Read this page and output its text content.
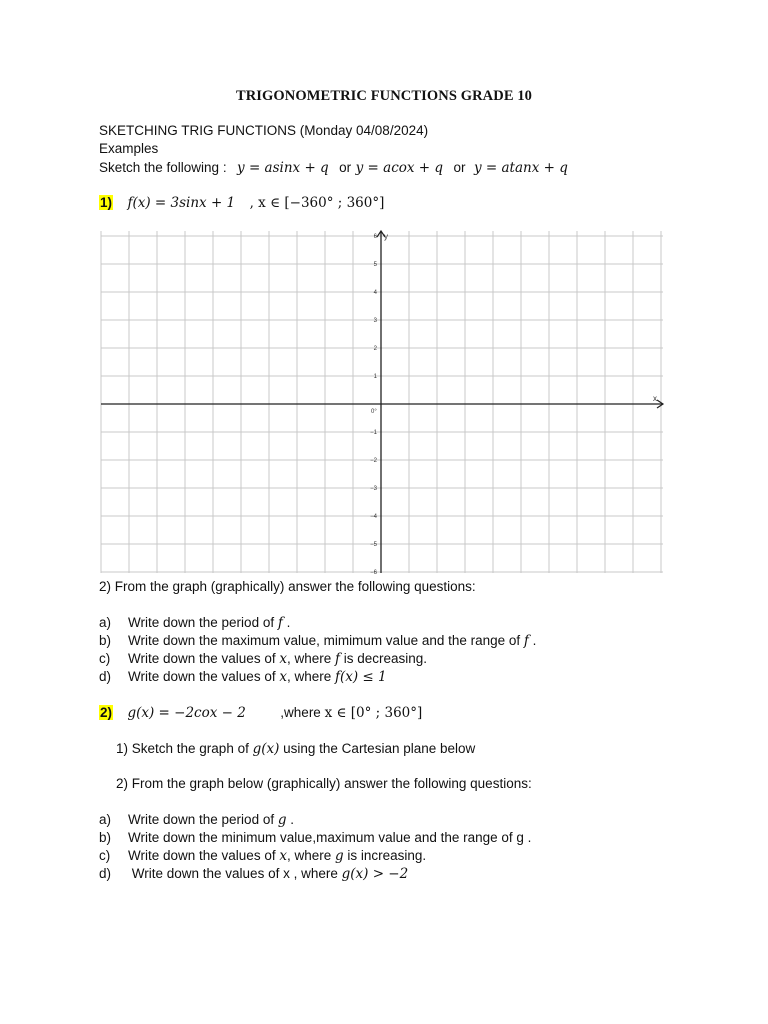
TRIGONOMETRIC FUNCTIONS GRADE 10
SKETCHING TRIG FUNCTIONS (Monday 04/08/2024)
Examples
Sketch the following : y = asinx + q or y = acox + q or y = atanx + q
1) f(x) = 3sinx + 1 , x ∈ [−360° ; 360°]
x
y
0°
6
5
4
3
2
1
−1
−2
−3
−4
−5
−6
2) From the graph (graphically) answer the following questions:
a) Write down the period of f .
b) Write down the maximum value, mimimum value and the range of f .
c) Write down the values of x, where f is decreasing.
d) Write down the values of x, where f(x) ≤ 1
2) g(x) = −2cox − 2	,where x ∈ [0° ; 360°]
1) Sketch the graph of g(x) using the Cartesian plane below
2) From the graph below (graphically) answer the following questions:
a) Write down the period of g .
b) Write down the minimum value,maximum value and the range of g .
c) Write down the values of x, where g is increasing.
d) Write down the values of x , where g(x) > −2
